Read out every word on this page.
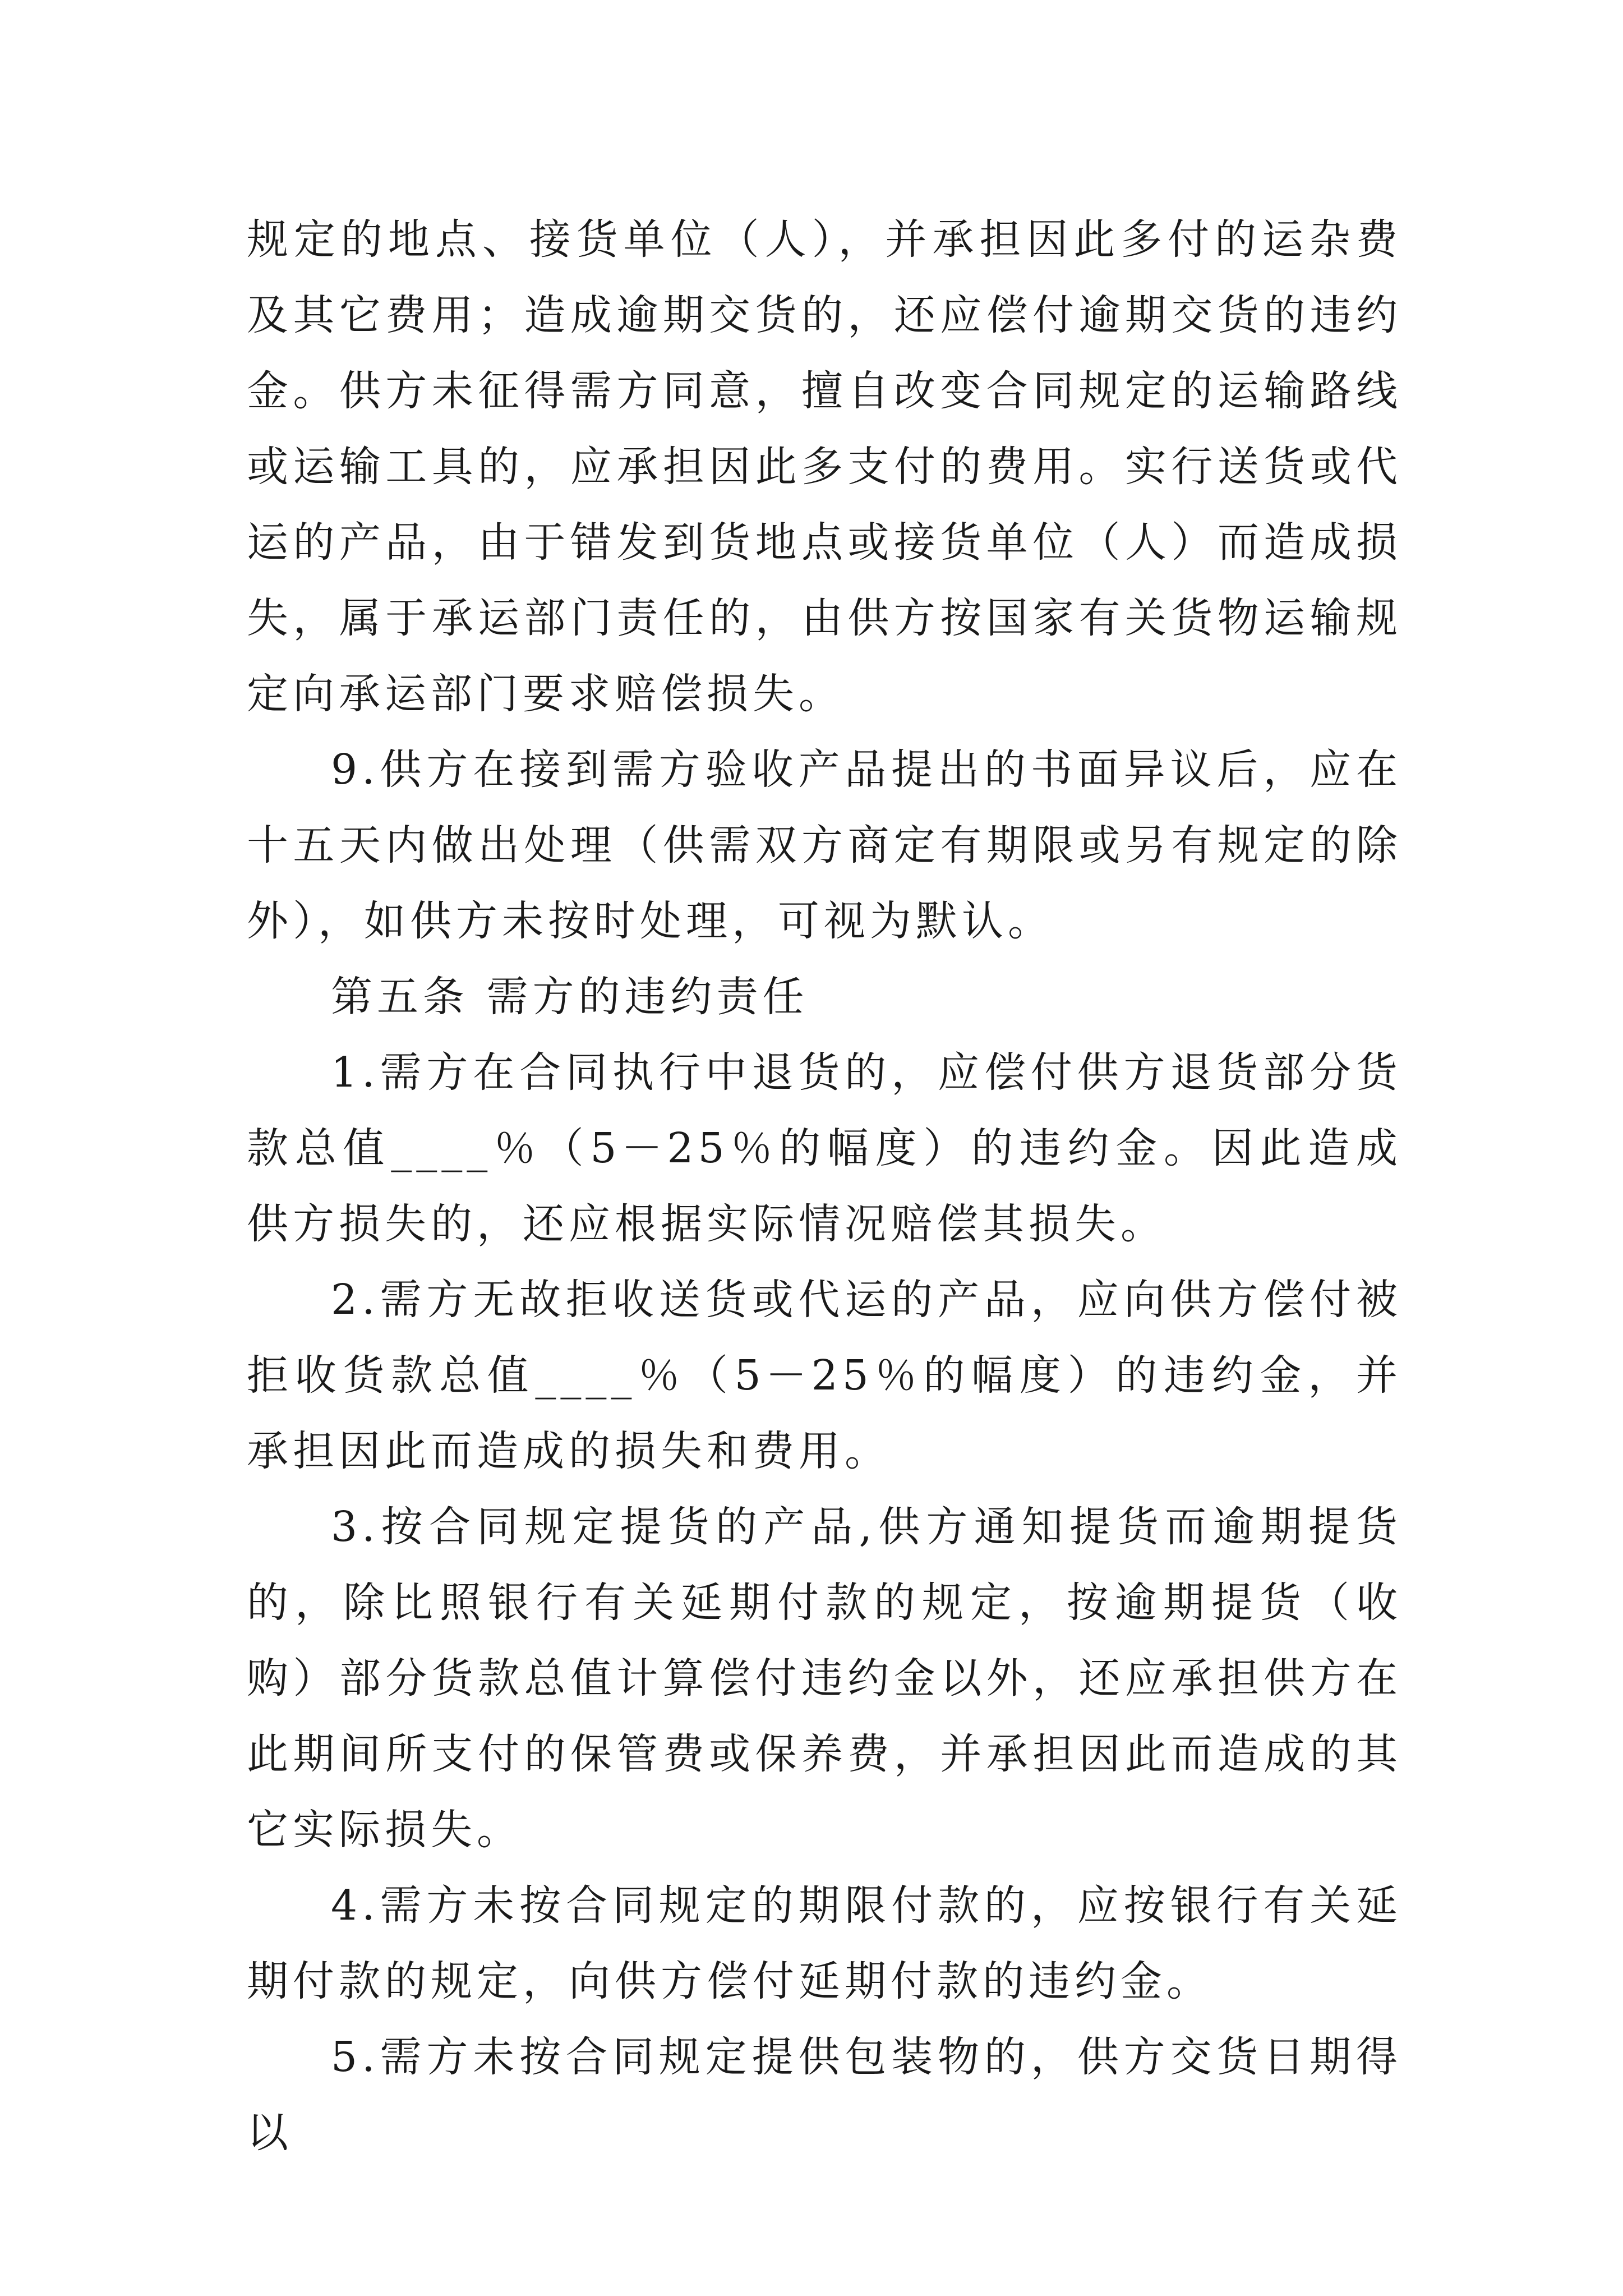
规定的地点、接货单位（人），并承担因此多付的运杂费及其它费用；造成逾期交货的，还应偿付逾期交货的违约金。供方未征得需方同意，擅自改变合同规定的运输路线或运输工具的，应承担因此多支付的费用。实行送货或代运的产品，由于错发到货地点或接货单位（人）而造成损失，属于承运部门责任的，由供方按国家有关货物运输规定向承运部门要求赔偿损失。

9.供方在接到需方验收产品提出的书面异议后，应在十五天内做出处理（供需双方商定有期限或另有规定的除外），如供方未按时处理，可视为默认。

第五条 需方的违约责任

1.需方在合同执行中退货的，应偿付供方退货部分货款总值____％（5－25％的幅度）的违约金。因此造成供方损失的，还应根据实际情况赔偿其损失。

2.需方无故拒收送货或代运的产品，应向供方偿付被拒收货款总值____％（5－25％的幅度）的违约金，并承担因此而造成的损失和费用。

3.按合同规定提货的产品,供方通知提货而逾期提货的，除比照银行有关延期付款的规定，按逾期提货（收购）部分货款总值计算偿付违约金以外，还应承担供方在此期间所支付的保管费或保养费，并承担因此而造成的其它实际损失。

4.需方未按合同规定的期限付款的，应按银行有关延期付款的规定，向供方偿付延期付款的违约金。

5.需方未按合同规定提供包装物的，供方交货日期得以
